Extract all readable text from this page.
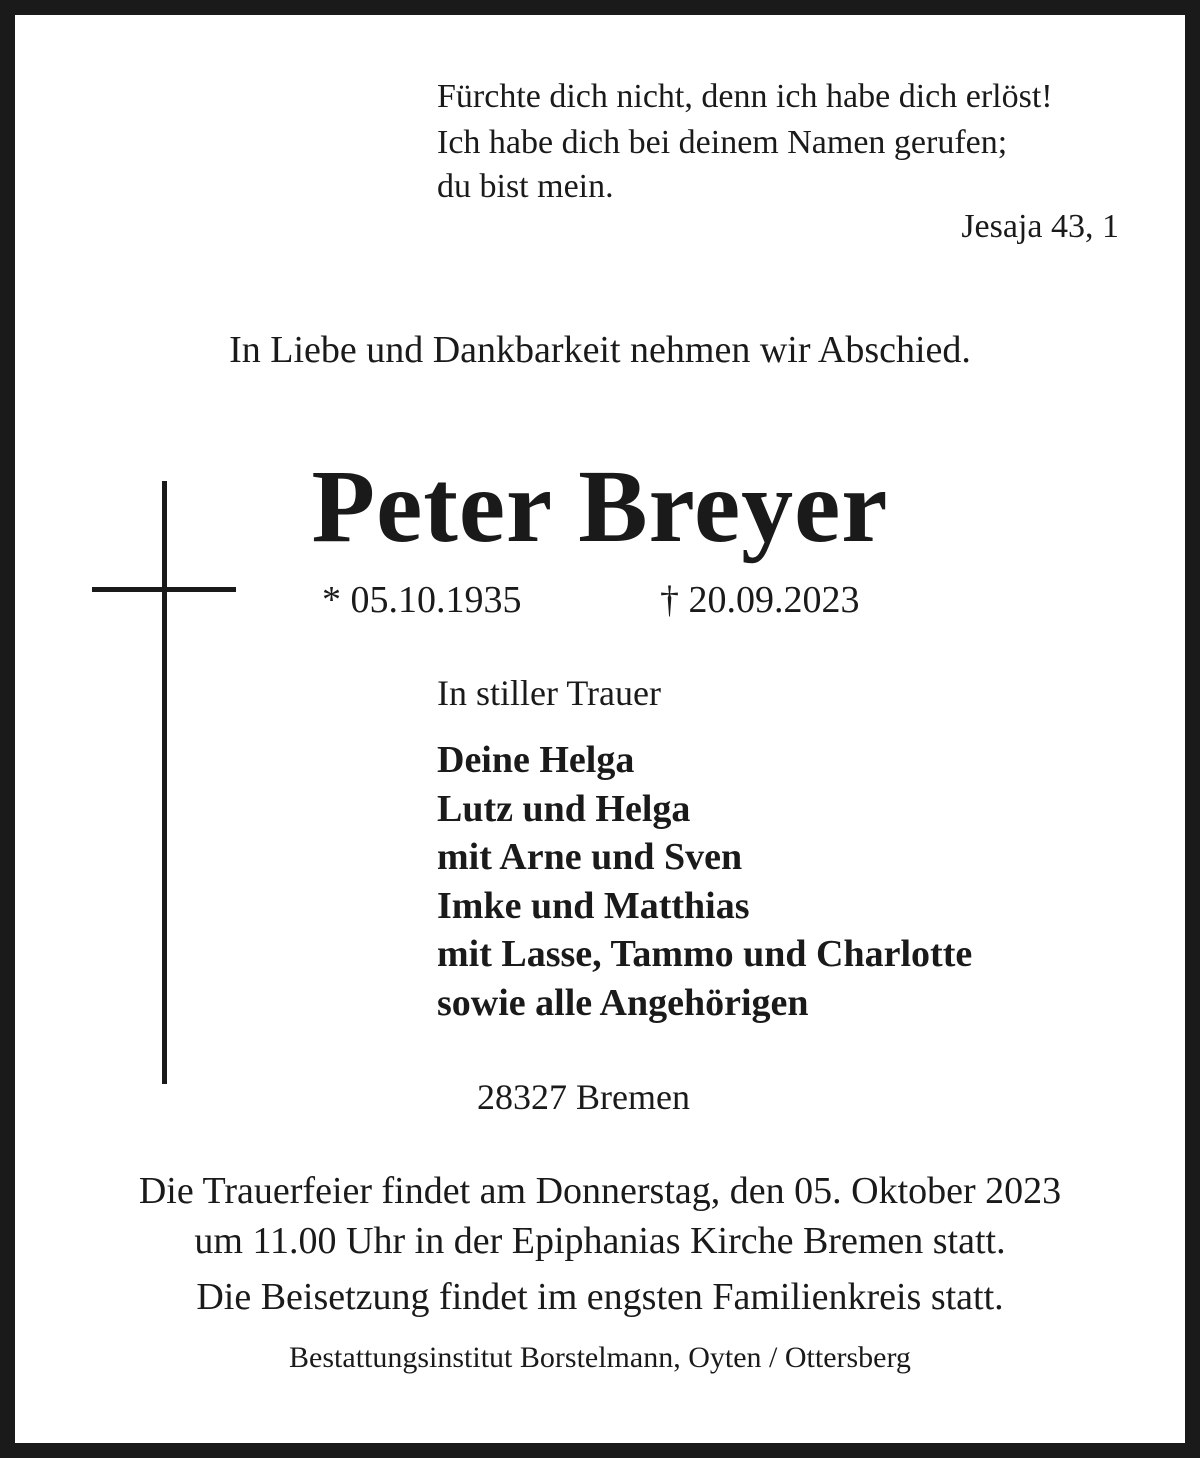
Fürchte dich nicht, denn ich habe dich erlöst!
Ich habe dich bei deinem Namen gerufen;
du bist mein.
Jesaja 43, 1
In Liebe und Dankbarkeit nehmen wir Abschied.
Peter Breyer
* 05.10.1935	† 20.09.2023
In stiller Trauer
Deine Helga
Lutz und Helga
mit Arne und Sven
Imke und Matthias
mit Lasse, Tammo und Charlotte
sowie alle Angehörigen
28327 Bremen
Die Trauerfeier findet am Donnerstag, den 05. Oktober 2023
um 11.00 Uhr in der Epiphanias Kirche Bremen statt.
Die Beisetzung findet im engsten Familienkreis statt.
Bestattungsinstitut Borstelmann, Oyten / Ottersberg
